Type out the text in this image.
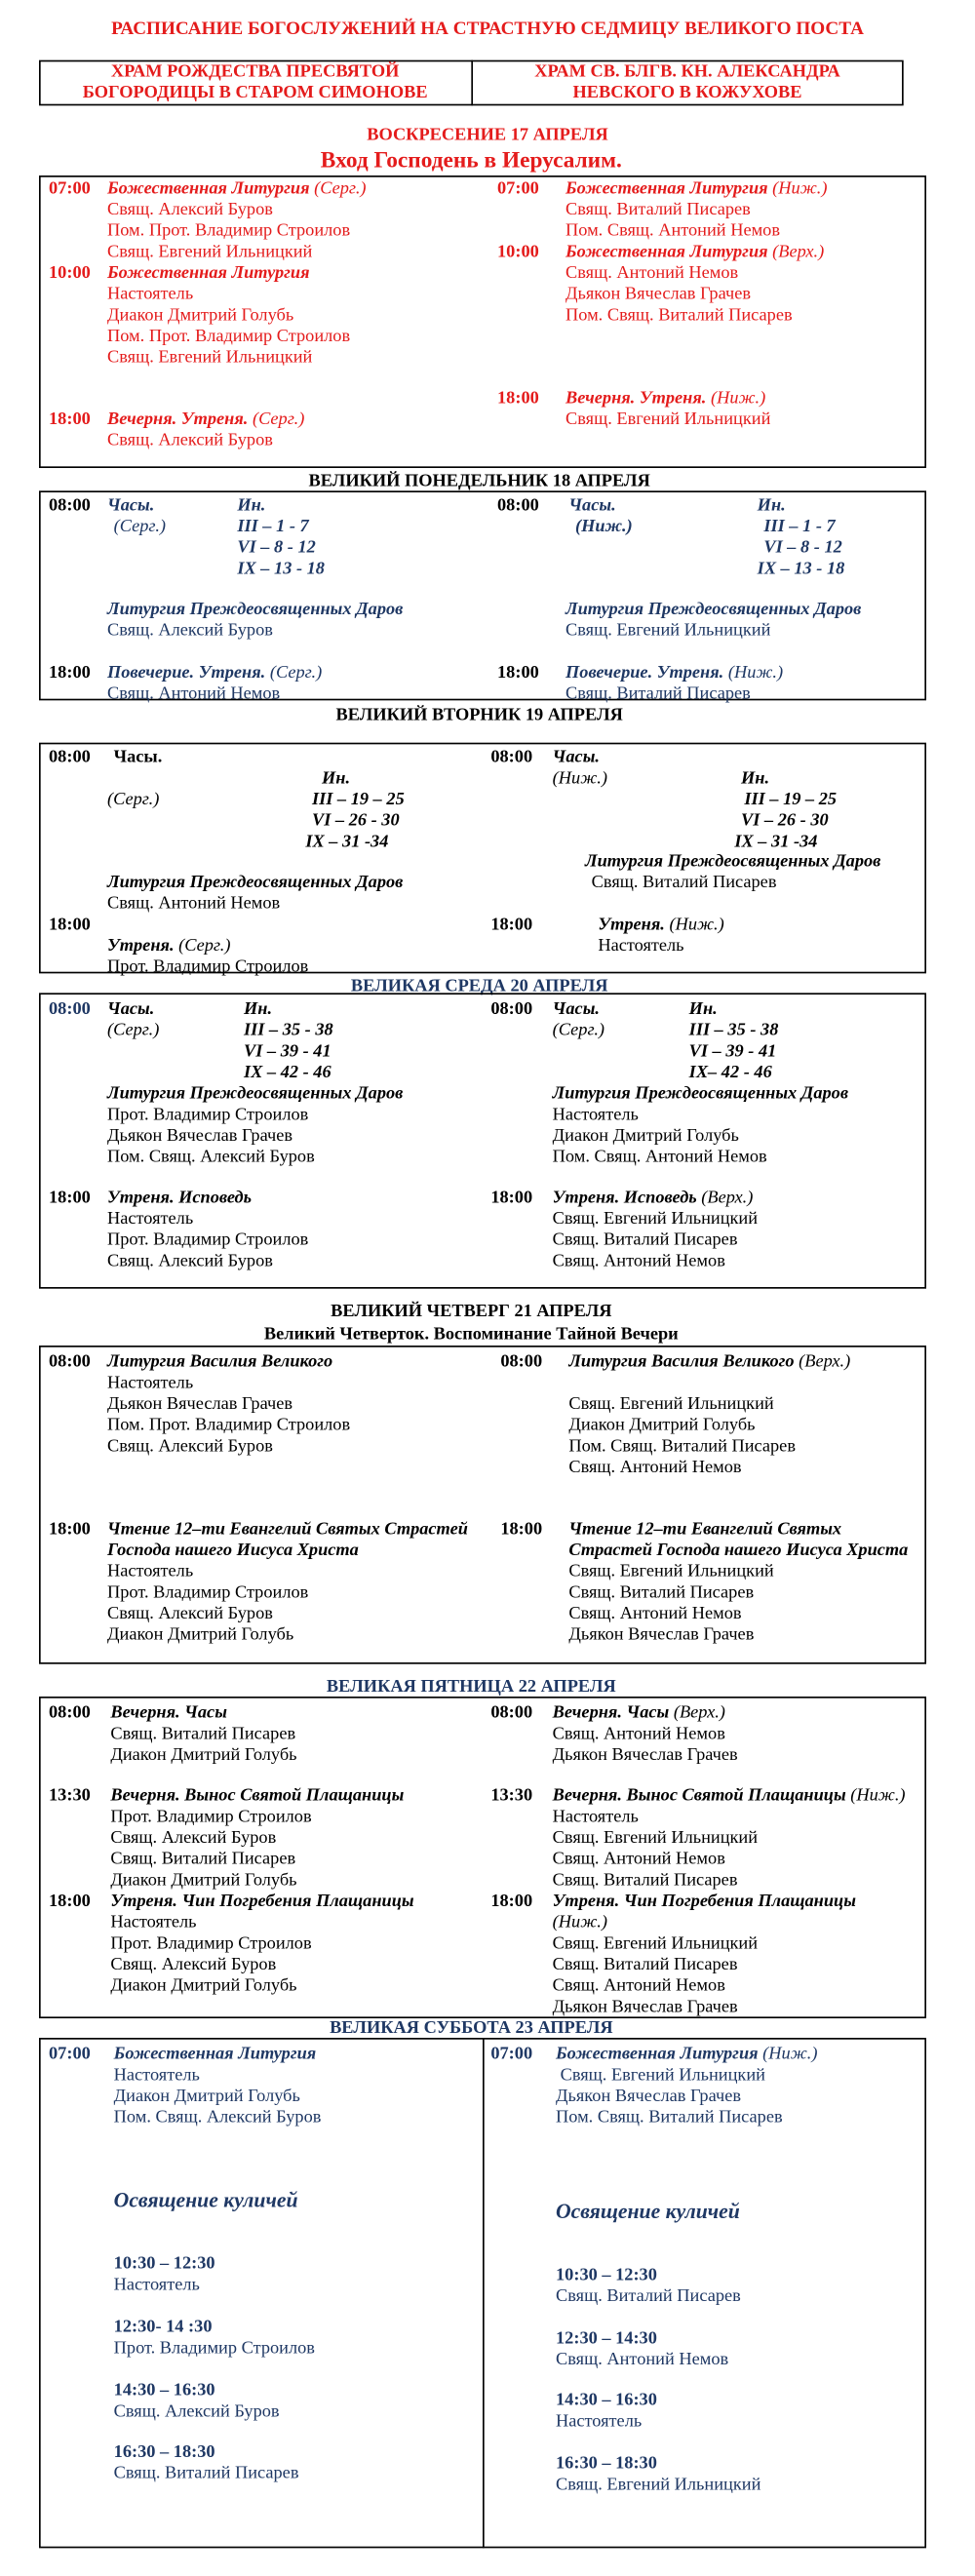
РАСПИСАНИЕ БОГОСЛУЖЕНИЙ НА СТРАСТНУЮ СЕДМИЦУ ВЕЛИКОГО ПОСТА
ХРАМ РОЖДЕСТВА ПРЕСВЯТОЙ
БОГОРОДИЦЫ В СТАРОМ СИМОНОВЕ
ХРАМ СВ. БЛГВ. КН. АЛЕКСАНДРА
НЕВСКОГО В КОЖУХОВЕ
ВОСКРЕСЕНИЕ 17 АПРЕЛЯ
Вход Господень в Иерусалим.
07:00 Божественная Литургия (Серг.)
Свящ. Алексий Буров
Пом. Прот. Владимир Строилов
Свящ. Евгений Ильницкий
10:00 Божественная Литургия
Настоятель
Диакон Дмитрий Голубь
Пом. Прот. Владимир Строилов
Свящ. Евгений Ильницкий
18:00 Вечерня. Утреня. (Серг.)
Свящ. Алексий Буров
07:00 Божественная Литургия (Ниж.)
Свящ. Виталий Писарев
Пом. Свящ. Антоний Немов
10:00 Божественная Литургия (Верх.)
Свящ. Антоний Немов
Дьякон Вячеслав Грачев
Пом. Свящ. Виталий Писарев
18:00 Вечерня. Утреня. (Ниж.)
Свящ. Евгений Ильницкий
ВЕЛИКИЙ ПОНЕДЕЛЬНИК 18 АПРЕЛЯ
08:00 Часы.
(Серг.)
Ин.
III – 1 - 7
VI – 8 - 12
IX – 13 - 18
Литургия Преждеосвященных Даров
Свящ. Алексий Буров
18:00 Повечерие. Утреня. (Серг.)
Свящ. Антоний Немов
08:00	Часы.
(Ниж.)
Ин.
III – 1 - 7
VI – 8 - 12
IX – 13 - 18
Литургия Преждеосвященных Даров
Свящ. Евгений Ильницкий
18:00 Повечерие. Утреня. (Ниж.)
Свящ. Виталий Писарев
ВЕЛИКИЙ ВТОРНИК 19 АПРЕЛЯ
08:00 Часы.
(Серг.)
Ин.
III – 19 – 25
VI – 26 - 30
IX – 31 -34
Литургия Преждеосвященных Даров
Свящ. Антоний Немов
18:00
Утреня. (Серг.)
Прот. Владимир Строилов
08:00 Часы.
(Ниж.)	Ин.
III – 19 – 25
VI – 26 - 30
IX – 31 -34
Литургия Преждеосвященных Даров
Свящ. Виталий Писарев
18:00	Утреня. (Ниж.)
Настоятель
ВЕЛИКАЯ СРЕДА 20 АПРЕЛЯ
08:00 Часы.
(Серг.)
Ин.
III – 35 - 38
VI – 39 - 41
IX – 42 - 46
Литургия Преждеосвященных Даров
Прот. Владимир Строилов
Дьякон Вячеслав Грачев
Пом. Свящ. Алексий Буров
18:00 Утреня. Исповедь
Настоятель
Прот. Владимир Строилов
Свящ. Алексий Буров
08:00 Часы.
(Серг.)
Ин.
III – 35 - 38
VI – 39 - 41
IX– 42 - 46
Литургия Преждеосвященных Даров
Настоятель
Диакон Дмитрий Голубь
Пом. Свящ. Антоний Немов
18:00 Утреня. Исповедь (Верх.)
Свящ. Евгений Ильницкий
Свящ. Виталий Писарев
Свящ. Антоний Немов
ВЕЛИКИЙ ЧЕТВЕРГ 21 АПРЕЛЯ
Великий Четверток. Воспоминание Тайной Вечери
08:00 Литургия Василия Великого
Настоятель
Дьякон Вячеслав Грачев
Пом. Прот. Владимир Строилов
Свящ. Алексий Буров
18:00 Чтение 12–ти Евангелий Святых Страстей
Господа нашего Иисуса Христа
Настоятель
Прот. Владимир Строилов
Свящ. Алексий Буров
Диакон Дмитрий Голубь
08:00 Литургия Василия Великого (Верх.)
Свящ. Евгений Ильницкий
Диакон Дмитрий Голубь
Пом. Свящ. Виталий Писарев
Свящ. Антоний Немов
18:00 Чтение 12–ти Евангелий Святых
Страстей Господа нашего Иисуса Христа
Свящ. Евгений Ильницкий
Свящ. Виталий Писарев
Свящ. Антоний Немов
Дьякон Вячеслав Грачев
ВЕЛИКАЯ ПЯТНИЦА 22 АПРЕЛЯ
08:00 Вечерня. Часы
Свящ. Виталий Писарев
Диакон Дмитрий Голубь
13:30 Вечерня. Вынос Святой Плащаницы
Прот. Владимир Строилов
Свящ. Алексий Буров
Свящ. Виталий Писарев
Диакон Дмитрий Голубь
18:00 Утреня. Чин Погребения Плащаницы
Настоятель
Прот. Владимир Строилов
Свящ. Алексий Буров
Диакон Дмитрий Голубь
08:00 Вечерня. Часы (Верх.)
Свящ. Антоний Немов
Дьякон Вячеслав Грачев
13:30 Вечерня. Вынос Святой Плащаницы (Ниж.)
Настоятель
Свящ. Евгений Ильницкий
Свящ. Антоний Немов
Свящ. Виталий Писарев
18:00 Утреня. Чин Погребения Плащаницы
(Ниж.)
Свящ. Евгений Ильницкий
Свящ. Виталий Писарев
Свящ. Антоний Немов
Дьякон Вячеслав Грачев
ВЕЛИКАЯ СУББОТА 23 АПРЕЛЯ
07:00 Божественная Литургия
Настоятель
Диакон Дмитрий Голубь
Пом. Свящ. Алексий Буров
Освящение куличей
10:30 – 12:30
Настоятель
12:30- 14 :30
Прот. Владимир Строилов
14:30 – 16:30
Свящ. Алексий Буров
16:30 – 18:30
Свящ. Виталий Писарев
07:00 Божественная Литургия (Ниж.)
Свящ. Евгений Ильницкий
Дьякон Вячеслав Грачев
Пом. Свящ. Виталий Писарев
Освящение куличей
10:30 – 12:30
Свящ. Виталий Писарев
12:30 – 14:30
Свящ. Антоний Немов
14:30 – 16:30
Настоятель
16:30 – 18:30
Свящ. Евгений Ильницкий
